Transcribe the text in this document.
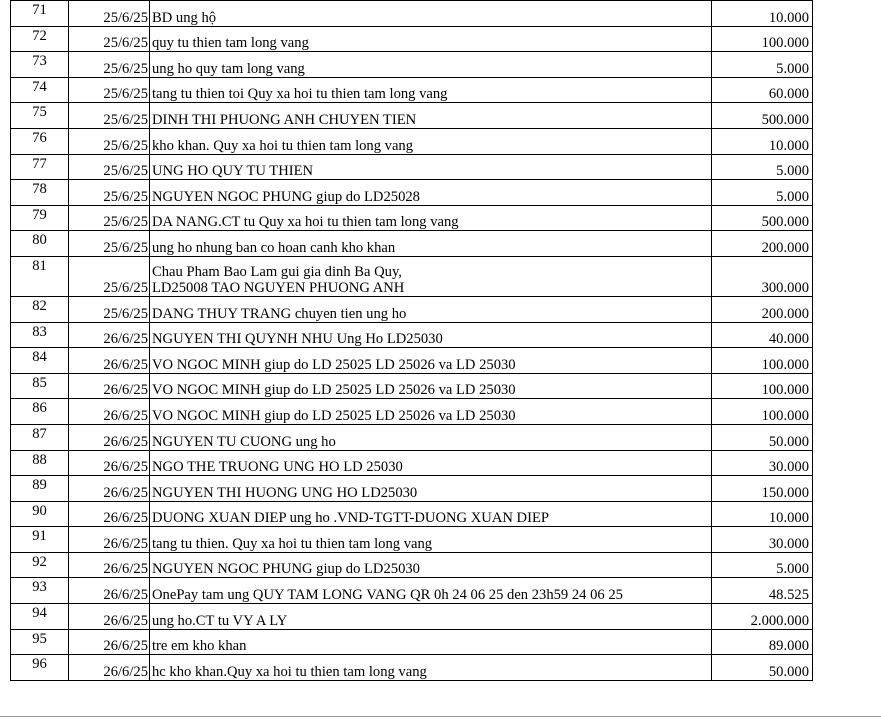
71	25/6/25	BD ung hộ	10.000
72	25/6/25	quy tu thien tam long vang	100.000
73	25/6/25	ung ho quy tam long vang	5.000
74	25/6/25	tang tu thien toi Quy xa hoi tu thien tam long vang	60.000
75	25/6/25	DINH THI PHUONG ANH CHUYEN TIEN	500.000
76	25/6/25	kho khan. Quy xa hoi tu thien tam long vang	10.000
77	25/6/25	UNG HO QUY TU THIEN	5.000
78	25/6/25	NGUYEN NGOC PHUNG giup do LD25028	5.000
79	25/6/25	DA NANG.CT tu Quy xa hoi tu thien tam long vang	500.000
80	25/6/25	ung ho nhung ban co hoan canh kho khan	200.000
81	25/6/25	Chau Pham Bao Lam gui gia dinh Ba Quy,
LD25008 TAO NGUYEN PHUONG ANH	300.000
82	25/6/25	DANG THUY TRANG chuyen tien ung ho	200.000
83	26/6/25	NGUYEN THI QUYNH NHU Ung Ho LD25030	40.000
84	26/6/25	VO NGOC MINH giup do LD 25025 LD 25026 va LD 25030	100.000
85	26/6/25	VO NGOC MINH giup do LD 25025 LD 25026 va LD 25030	100.000
86	26/6/25	VO NGOC MINH giup do LD 25025 LD 25026 va LD 25030	100.000
87	26/6/25	NGUYEN TU CUONG ung ho	50.000
88	26/6/25	NGO THE TRUONG UNG HO LD 25030	30.000
89	26/6/25	NGUYEN THI HUONG UNG HO LD25030	150.000
90	26/6/25	DUONG XUAN DIEP ung ho .VND-TGTT-DUONG XUAN DIEP	10.000
91	26/6/25	tang tu thien. Quy xa hoi tu thien tam long vang	30.000
92	26/6/25	NGUYEN NGOC PHUNG giup do LD25030	5.000
93	26/6/25	OnePay tam ung QUY TAM LONG VANG QR 0h 24 06 25 den 23h59 24 06 25	48.525
94	26/6/25	ung ho.CT tu VY A LY	2.000.000
95	26/6/25	tre em kho khan	89.000
96	26/6/25	hc kho khan.Quy xa hoi tu thien tam long vang	50.000
